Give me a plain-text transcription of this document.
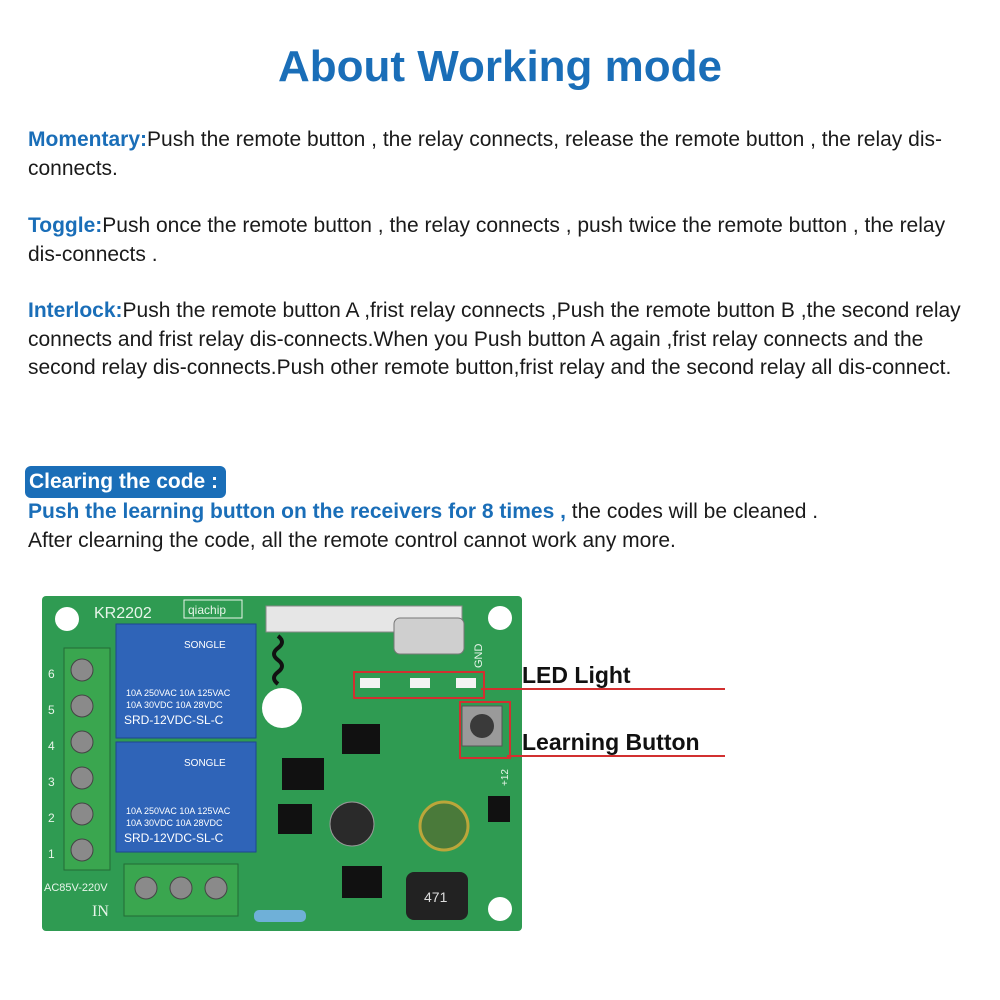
About Working mode
Momentary:Push the remote button , the relay connects, release the remote button , the relay dis-connects.
Toggle:Push once the remote button , the relay connects , push twice the remote button , the relay dis-connects .
Interlock:Push the remote button A ,frist relay connects ,Push the remote button B ,the second relay connects and frist relay dis-connects.When you Push button A again ,frist relay connects and the second relay dis-connects.Push other remote button,frist relay and the second relay all dis-connect.
Clearing the code :
Push the learning button on the receivers for 8 times , the codes will be cleaned .
After clearning the code, all the remote control cannot work any more.
KR2202	qiachip
GND
SONGLE
10A 250VAC 10A 125VAC
10A 30VDC 10A 28VDC
SRD-12VDC-SL-C
SONGLE
10A 250VAC 10A 125VAC
10A 30VDC 10A 28VDC
SRD-12VDC-SL-C
6
5
4
3
2
1
AC85V-220V
IN
471
+12
LED Light
Learning Button
